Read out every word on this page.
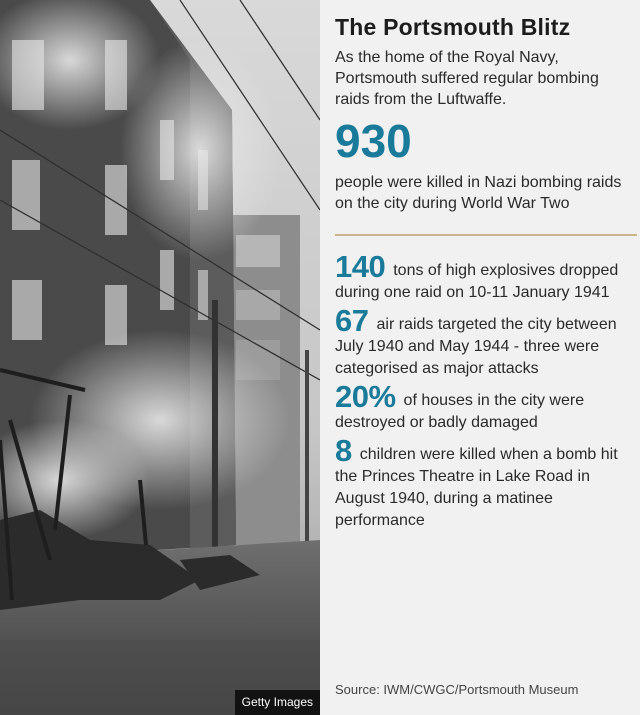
Getty Images
The Portsmouth Blitz

As the home of the Royal Navy, Portsmouth suffered regular bombing raids from the Luftwaffe.

930

people were killed in Nazi bombing raids on the city during World War Two

140 tons of high explosives dropped during one raid on 10-11 January 1941

67 air raids targeted the city between July 1940 and May 1944 - three were categorised as major attacks

20% of houses in the city were destroyed or badly damaged

8 children were killed when a bomb hit the Princes Theatre in Lake Road in August 1940, during a matinee performance

Source: IWM/CWGC/Portsmouth Museum
